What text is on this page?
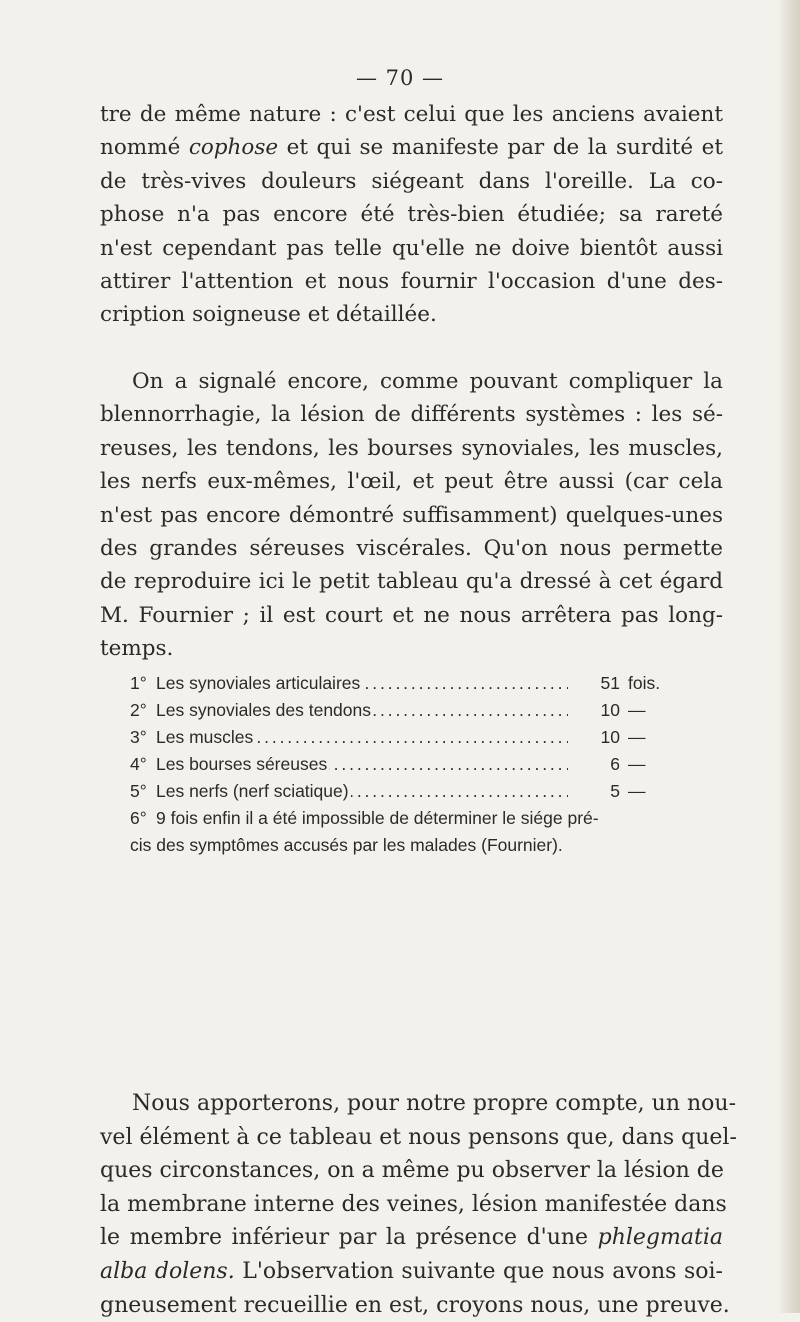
— 70 —
tre de même nature : c'est celui que les anciens avaient
nommé cophose et qui se manifeste par de la surdité et
de très-vives douleurs siégeant dans l'oreille. La co-
phose n'a pas encore été très-bien étudiée; sa rareté
n'est cependant pas telle qu'elle ne doive bientôt aussi
attirer l'attention et nous fournir l'occasion d'une des-
cription soigneuse et détaillée.
On a signalé encore, comme pouvant compliquer la
blennorrhagie, la lésion de différents systèmes : les sé-
reuses, les tendons, les bourses synoviales, les muscles,
les nerfs eux-mêmes, l'œil, et peut être aussi (car cela
n'est pas encore démontré suffisamment) quelques-unes
des grandes séreuses viscérales. Qu'on nous permette
de reproduire ici le petit tableau qu'a dressé à cet égard
M. Fournier ; il est court et ne nous arrêtera pas long-
temps.
1° . . . Les synoviales articulaires	51 fois.
2° . . . Les synoviales des tendons	10 —
3° . . . Les muscles	10 —
4° . . . Les bourses séreuses	6 —
5° . . . Les nerfs (nerf sciatique)	5 —
6° 9 fois enfin il a été impossible de déterminer le siége pré-
cis des symptômes accusés par les malades (Fournier).
Nous apporterons, pour notre propre compte, un nou-
vel élément à ce tableau et nous pensons que, dans quel-
ques circonstances, on a même pu observer la lésion de
la membrane interne des veines, lésion manifestée dans
le membre inférieur par la présence d'une phlegmatia
alba dolens. L'observation suivante que nous avons soi-
gneusement recueillie en est, croyons nous, une preuve.
